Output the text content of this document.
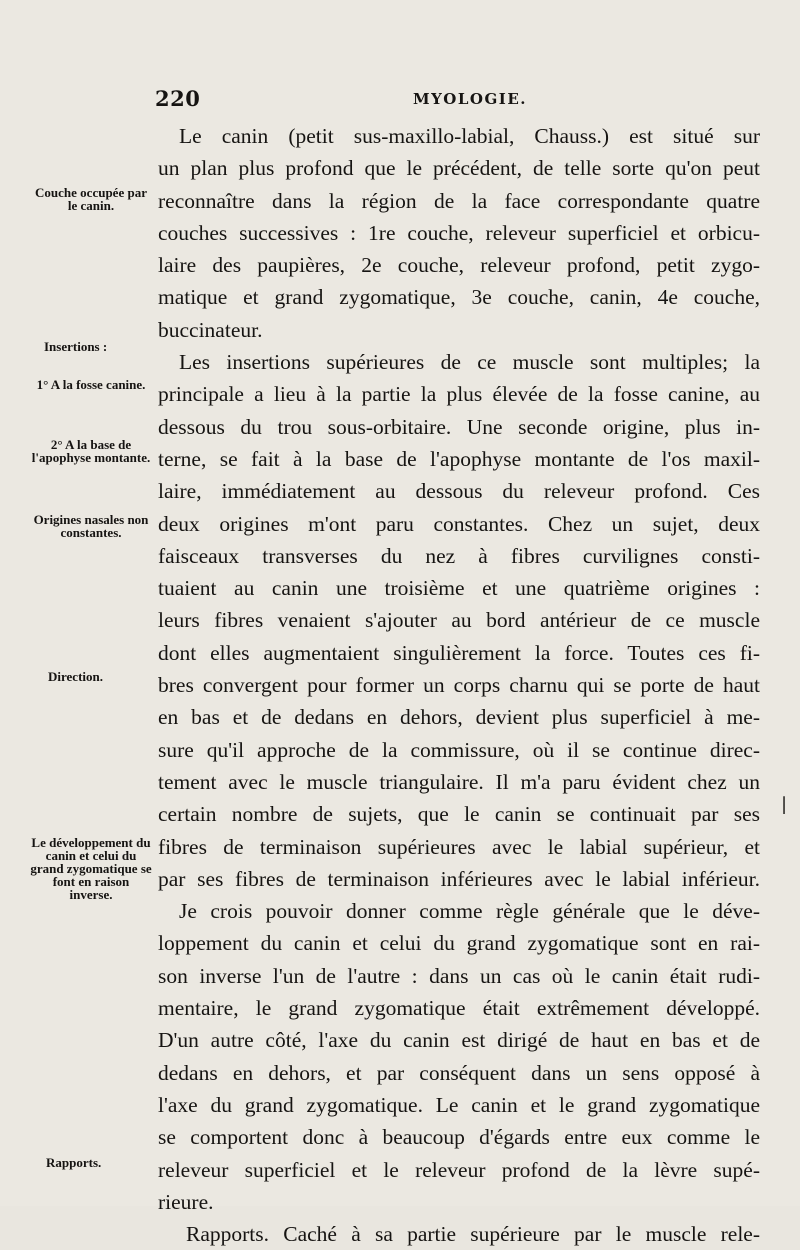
220	MYOLOGIE.
Couche occupée par le canin.
Insertions :
1° A la fosse canine.
2° A la base de l'apophyse montante.
Origines nasales non constantes.
Direction.
Le développement du canin et celui du grand zygomatique se font en raison inverse.
Rapports.
Le canin (petit sus-maxillo-labial, Chauss.) est situé sur
un plan plus profond que le précédent, de telle sorte qu'on peut
reconnaître dans la région de la face correspondante quatre
couches successives : 1re couche, releveur superficiel et orbicu-
laire des paupières, 2e couche, releveur profond, petit zygo-
matique et grand zygomatique, 3e couche, canin, 4e couche,
buccinateur.
Les insertions supérieures de ce muscle sont multiples; la
principale a lieu à la partie la plus élevée de la fosse canine, au
dessous du trou sous-orbitaire. Une seconde origine, plus in-
terne, se fait à la base de l'apophyse montante de l'os maxil-
laire, immédiatement au dessous du releveur profond. Ces
deux origines m'ont paru constantes. Chez un sujet, deux
faisceaux transverses du nez à fibres curvilignes consti-
tuaient au canin une troisième et une quatrième origines :
leurs fibres venaient s'ajouter au bord antérieur de ce muscle
dont elles augmentaient singulièrement la force. Toutes ces fi-
bres convergent pour former un corps charnu qui se porte de haut
en bas et de dedans en dehors, devient plus superficiel à me-
sure qu'il approche de la commissure, où il se continue direc-
tement avec le muscle triangulaire. Il m'a paru évident chez un
certain nombre de sujets, que le canin se continuait par ses
fibres de terminaison supérieures avec le labial supérieur, et
par ses fibres de terminaison inférieures avec le labial inférieur.
Je crois pouvoir donner comme règle générale que le déve-
loppement du canin et celui du grand zygomatique sont en rai-
son inverse l'un de l'autre : dans un cas où le canin était rudi-
mentaire, le grand zygomatique était extrêmement développé.
D'un autre côté, l'axe du canin est dirigé de haut en bas et de
dedans en dehors, et par conséquent dans un sens opposé à
l'axe du grand zygomatique. Le canin et le grand zygomatique
se comportent donc à beaucoup d'égards entre eux comme le
releveur superficiel et le releveur profond de la lèvre supé-
rieure.
Rapports. Caché à sa partie supérieure par le muscle rele-
|
